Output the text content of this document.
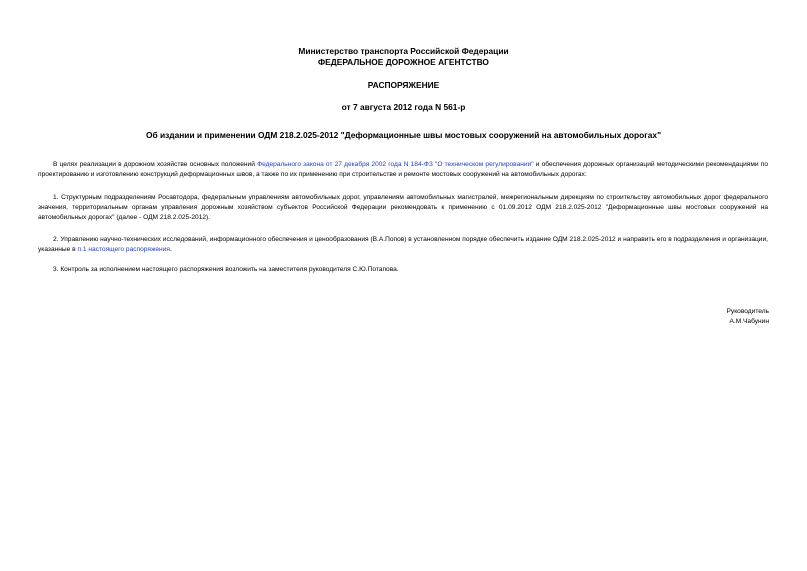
Министерство транспорта Российской Федерации
ФЕДЕРАЛЬНОЕ ДОРОЖНОЕ АГЕНТСТВО
РАСПОРЯЖЕНИЕ
от 7 августа 2012 года N 561-р
Об издании и применении ОДМ 218.2.025-2012 "Деформационные швы мостовых сооружений на автомобильных дорогах"
В целях реализации в дорожном хозяйстве основных положений Федерального закона от 27 декабря 2002 года N 184-ФЗ "О техническом регулировании" и обеспечения дорожных организаций методическими рекомендациями по проектированию и изготовлению конструкций деформационных швов, а также по их применению при строительстве и ремонте мостовых сооружений на автомобильных дорогах:
1. Структурным подразделениям Росавтодора, федеральным управлениям автомобильных дорог, управлениям автомобильных магистралей, межрегиональным дирекциям по строительству автомобильных дорог федерального значения, территориальным органам управления дорожным хозяйством субъектов Российской Федерации рекомендовать к применению с 01.09.2012 ОДМ 218.2.025-2012 "Деформационные швы мостовых сооружений на автомобильных дорогах" (далее - ОДМ 218.2.025-2012).
2. Управлению научно-технических исследований, информационного обеспечения и ценообразования (В.А.Попов) в установленном порядке обеспечить издание ОДМ 218.2.025-2012 и направить его в подразделения и организации, указанные в п.1 настоящего распоряжения.
3. Контроль за исполнением настоящего распоряжения возложить на заместителя руководителя С.Ю.Потапова.
Руководитель
А.М.Чабунин
